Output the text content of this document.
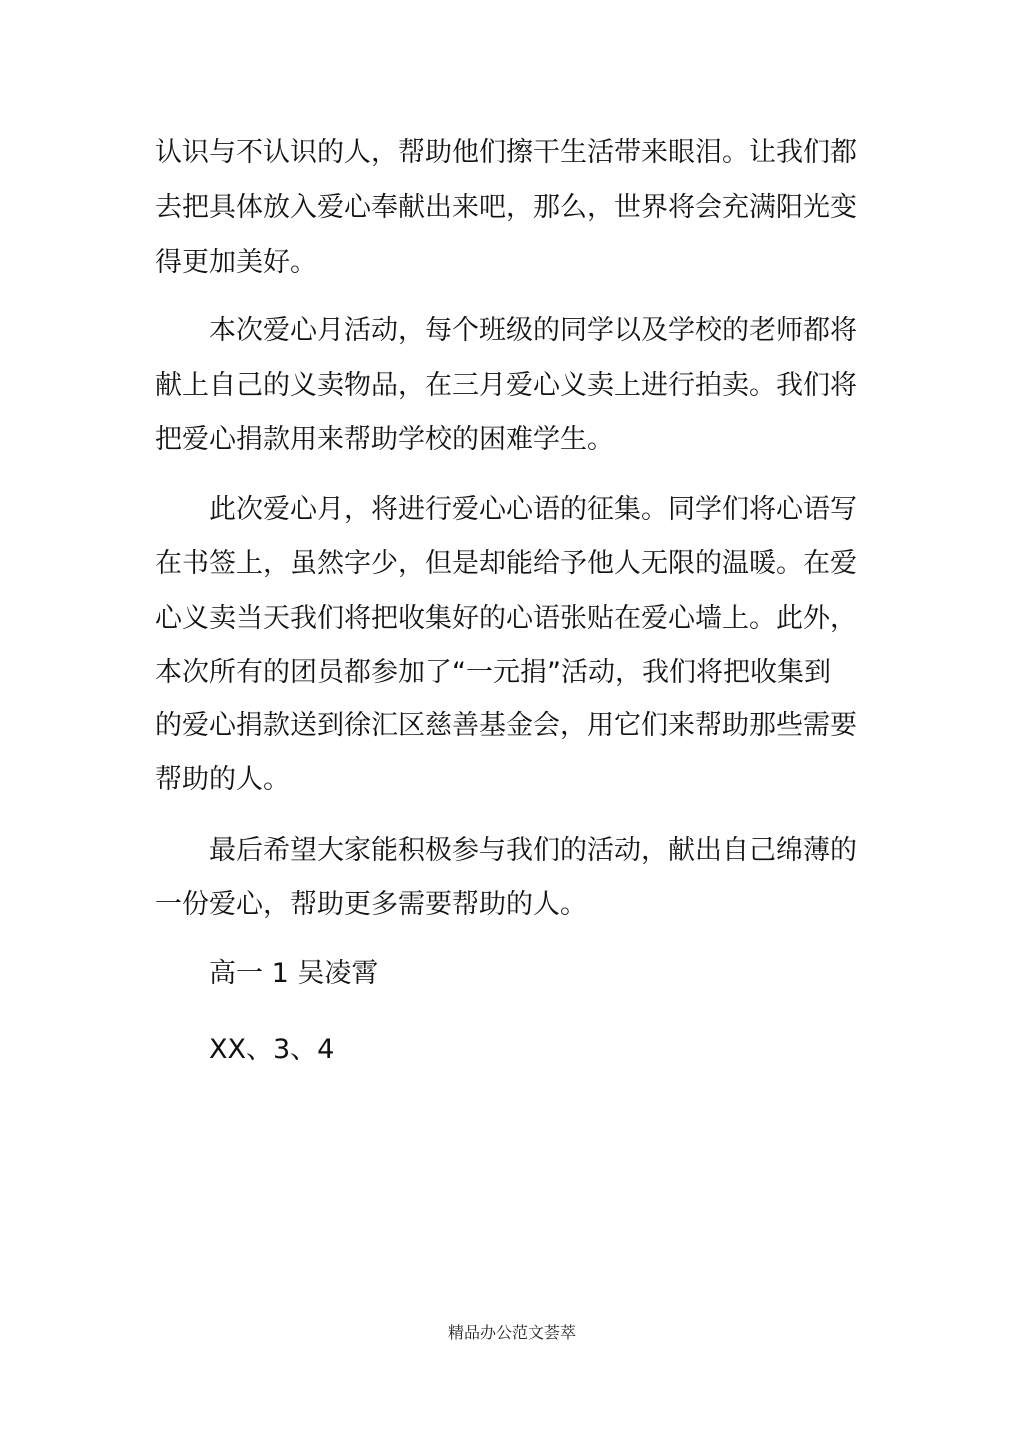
认识与不认识的人，帮助他们擦干生活带来眼泪。让我们都
去把具体放入爱心奉献出来吧，那么，世界将会充满阳光变
得更加美好。
本次爱心月活动，每个班级的同学以及学校的老师都将
献上自己的义卖物品，在三月爱心义卖上进行拍卖。我们将
把爱心捐款用来帮助学校的困难学生。
此次爱心月，将进行爱心心语的征集。同学们将心语写
在书签上，虽然字少，但是却能给予他人无限的温暖。在爱
心义卖当天我们将把收集好的心语张贴在爱心墙上。此外，
本次所有的团员都参加了“一元捐”活动，我们将把收集到
的爱心捐款送到徐汇区慈善基金会，用它们来帮助那些需要
帮助的人。
最后希望大家能积极参与我们的活动，献出自己绵薄的
一份爱心，帮助更多需要帮助的人。
高一 1 吴凌霄
XX、3、4
精品办公范文荟萃
